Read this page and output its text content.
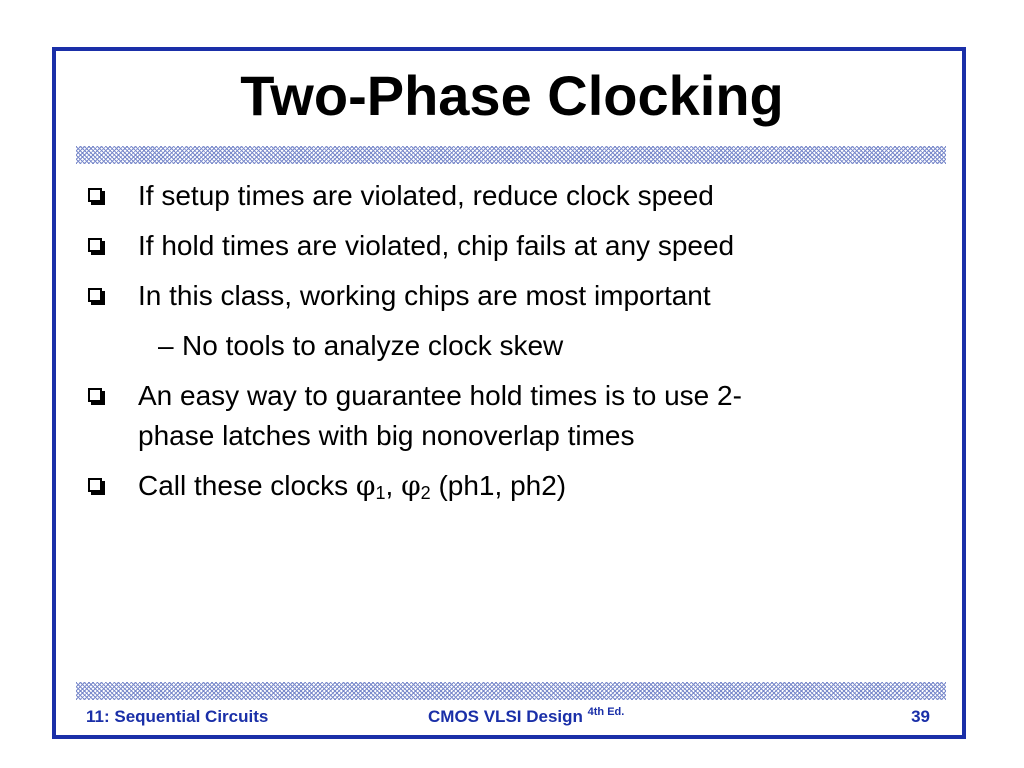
Two-Phase Clocking
If setup times are violated, reduce clock speed
If hold times are violated, chip fails at any speed
In this class, working chips are most important
– No tools to analyze clock skew
An easy way to guarantee hold times is to use 2-
phase latches with big nonoverlap times
Call these clocks $\varphi_1$, $\varphi_2$ (ph1, ph2)
11: Sequential Circuits	CMOS VLSI Design $^{4th Ed.}$	39
